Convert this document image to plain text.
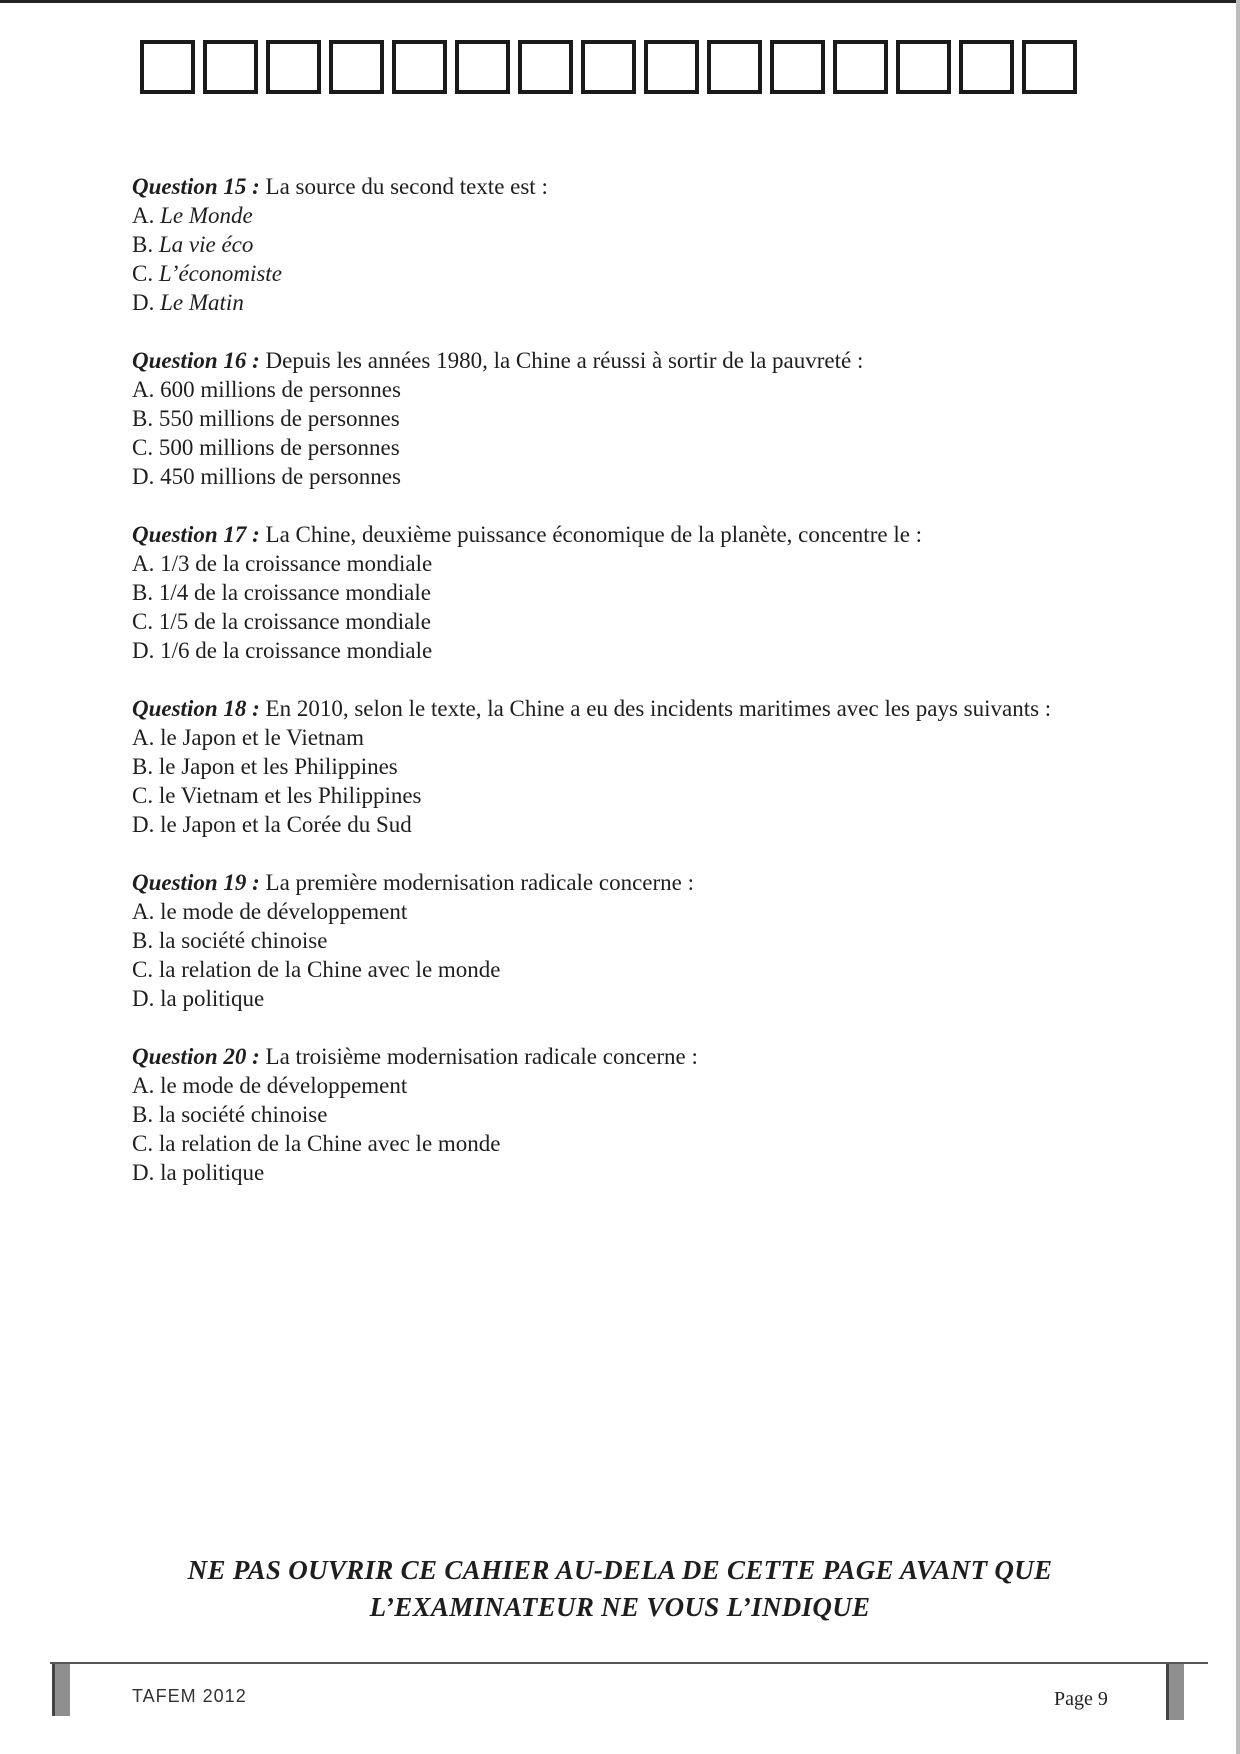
Question 15 : La source du second texte est :

A. Le Monde
B. La vie éco
C. L’économiste
D. Le Matin

Question 16 : Depuis les années 1980, la Chine a réussi à sortir de la pauvreté :

A. 600 millions de personnes
B. 550 millions de personnes
C. 500 millions de personnes
D. 450 millions de personnes

Question 17 : La Chine, deuxième puissance économique de la planète, concentre le :

A. 1/3 de la croissance mondiale
B. 1/4 de la croissance mondiale
C. 1/5 de la croissance mondiale
D. 1/6 de la croissance mondiale

Question 18 : En 2010, selon le texte, la Chine a eu des incidents maritimes avec les pays suivants :

A. le Japon et le Vietnam
B. le Japon et les Philippines
C. le Vietnam et les Philippines
D. le Japon et la Corée du Sud

Question 19 : La première modernisation radicale concerne :

A. le mode de développement
B. la société chinoise
C. la relation de la Chine avec le monde
D. la politique

Question 20 : La troisième modernisation radicale concerne :

A. le mode de développement
B. la société chinoise
C. la relation de la Chine avec le monde
D. la politique
NE PAS OUVRIR CE CAHIER AU-DELA DE CETTE PAGE AVANT QUE
L’EXAMINATEUR NE VOUS L’INDIQUE
TAFEM 2012	Page 9
